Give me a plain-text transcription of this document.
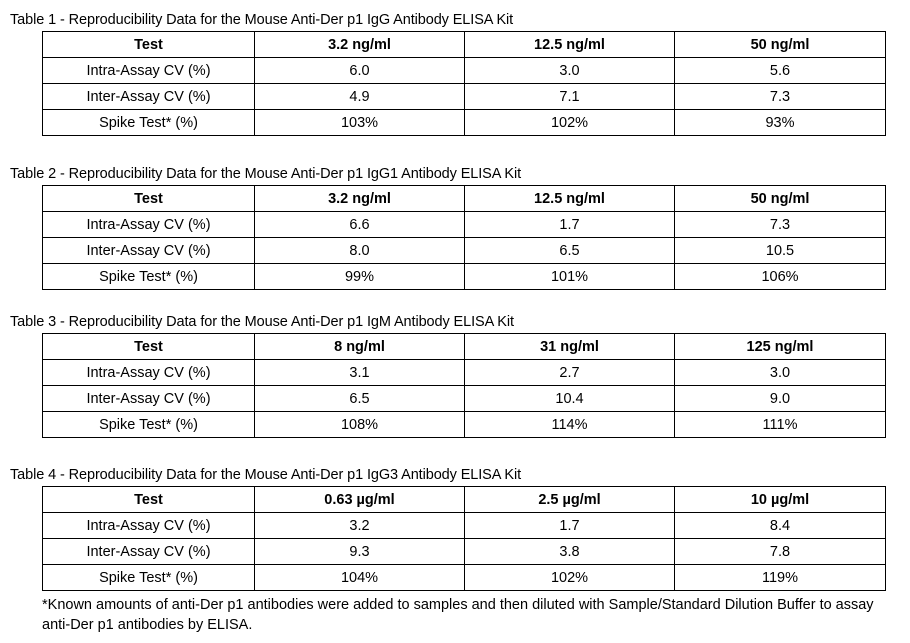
Table 1 - Reproducibility Data for the Mouse Anti-Der p1 IgG Antibody ELISA Kit
Test	3.2 ng/ml	12.5 ng/ml	50 ng/ml
Intra-Assay CV (%)	6.0	3.0	5.6
Inter-Assay CV (%)	4.9	7.1	7.3
Spike Test* (%)	103%	102%	93%
Table 2 - Reproducibility Data for the Mouse Anti-Der p1 IgG1 Antibody ELISA Kit
Test	3.2 ng/ml	12.5 ng/ml	50 ng/ml
Intra-Assay CV (%)	6.6	1.7	7.3
Inter-Assay CV (%)	8.0	6.5	10.5
Spike Test* (%)	99%	101%	106%
Table 3 - Reproducibility Data for the Mouse Anti-Der p1 IgM Antibody ELISA Kit
Test	8 ng/ml	31 ng/ml	125 ng/ml
Intra-Assay CV (%)	3.1	2.7	3.0
Inter-Assay CV (%)	6.5	10.4	9.0
Spike Test* (%)	108%	114%	111%
Table 4 - Reproducibility Data for the Mouse Anti-Der p1 IgG3 Antibody ELISA Kit
Test	0.63 µg/ml	2.5 µg/ml	10 µg/ml
Intra-Assay CV (%)	3.2	1.7	8.4
Inter-Assay CV (%)	9.3	3.8	7.8
Spike Test* (%)	104%	102%	119%
*Known amounts of anti-Der p1 antibodies were added to samples and then diluted with Sample/Standard Dilution Buffer to assay anti-Der p1 antibodies by ELISA.
